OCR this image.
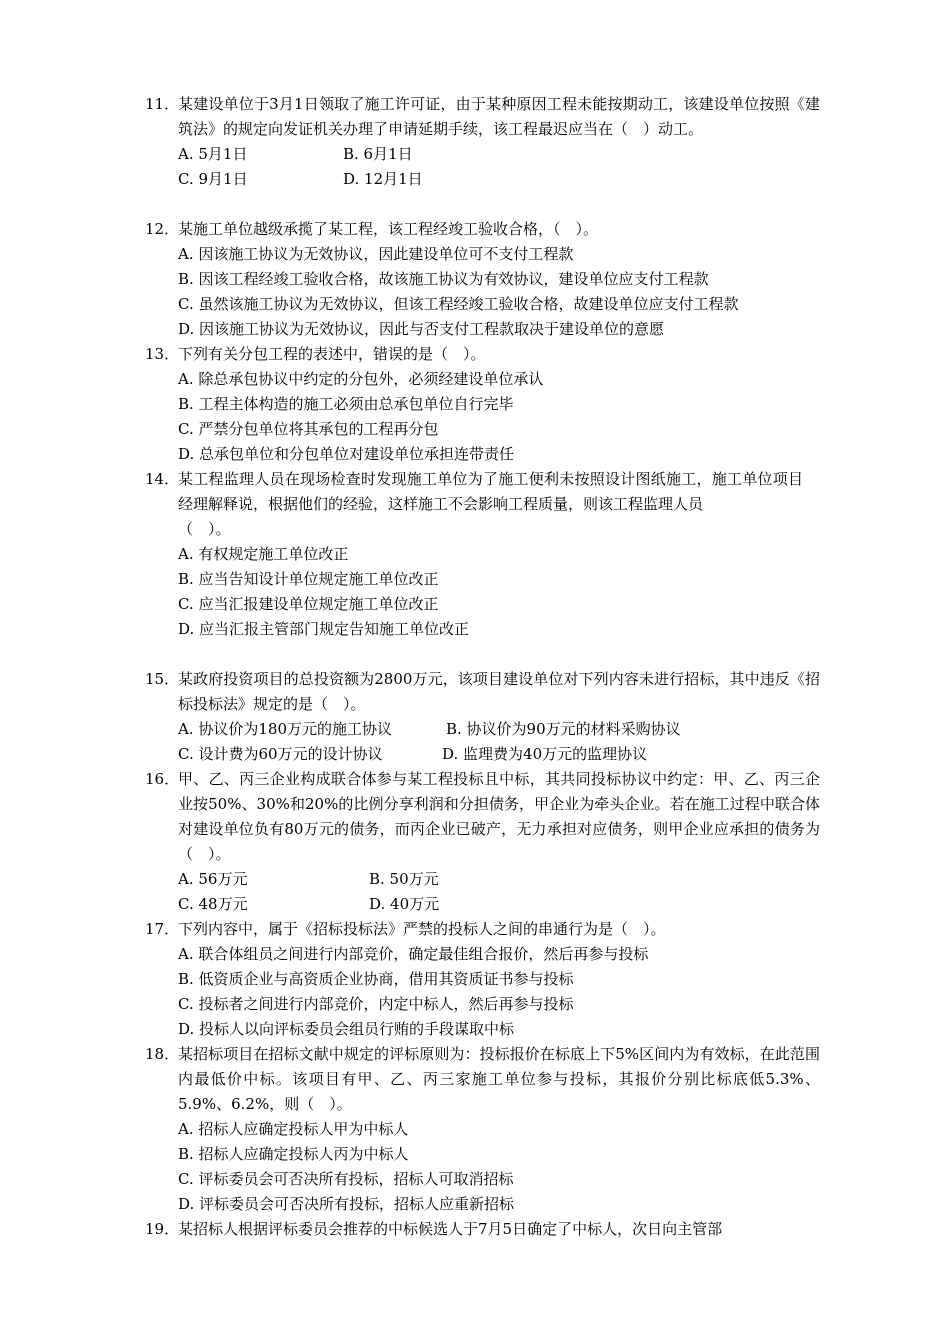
11．
某建设单位于3月1日领取了施工许可证，由于某种原因工程未能按期动工，该建设单位按照《建筑法》的规定向发证机关办理了申请延期手续，该工程最迟应当在（　）动工。
A. 5月1日	B. 6月1日
C. 9月1日	D. 12月1日
12．
某施工单位越级承揽了某工程，该工程经竣工验收合格，（　）。
A. 因该施工协议为无效协议，因此建设单位可不支付工程款
B. 因该工程经竣工验收合格，故该施工协议为有效协议，建设单位应支付工程款
C. 虽然该施工协议为无效协议，但该工程经竣工验收合格，故建设单位应支付工程款
D. 因该施工协议为无效协议，因此与否支付工程款取决于建设单位的意愿
13．
下列有关分包工程的表述中，错误的是（　）。
A. 除总承包协议中约定的分包外，必须经建设单位承认
B. 工程主体构造的施工必须由总承包单位自行完毕
C. 严禁分包单位将其承包的工程再分包
D. 总承包单位和分包单位对建设单位承担连带责任
14．
某工程监理人员在现场检查时发现施工单位为了施工便利未按照设计图纸施工，施工单位项目经理解释说，根据他们的经验，这样施工不会影响工程质量，则该工程监理人员
（　）。
A. 有权规定施工单位改正
B. 应当告知设计单位规定施工单位改正
C. 应当汇报建设单位规定施工单位改正
D. 应当汇报主管部门规定告知施工单位改正
15．
某政府投资项目的总投资额为2800万元，该项目建设单位对下列内容未进行招标，其中违反《招标投标法》规定的是（　）。
A. 协议价为180万元的施工协议	B. 协议价为90万元的材料采购协议
C. 设计费为60万元的设计协议	D. 监理费为40万元的监理协议
16．
甲、乙、丙三企业构成联合体参与某工程投标且中标，其共同投标协议中约定：甲、乙、丙三企业按50%、30%和20%的比例分享利润和分担债务，甲企业为牵头企业。若在施工过程中联合体对建设单位负有80万元的债务，而丙企业已破产，无力承担对应债务，则甲企业应承担的债务为（　）。
A. 56万元	B. 50万元
C. 48万元	D. 40万元
17．
下列内容中，属于《招标投标法》严禁的投标人之间的串通行为是（　）。
A. 联合体组员之间进行内部竞价，确定最佳组合报价，然后再参与投标
B. 低资质企业与高资质企业协商，借用其资质证书参与投标
C. 投标者之间进行内部竞价，内定中标人，然后再参与投标
D. 投标人以向评标委员会组员行贿的手段谋取中标
18．
某招标项目在招标文献中规定的评标原则为：投标报价在标底上下5%区间内为有效标，在此范围内最低价中标。该项目有甲、乙、丙三家施工单位参与投标，其报价分别比标底低5.3%、5.9%、6.2%，则（　）。
A. 招标人应确定投标人甲为中标人
B. 招标人应确定投标人丙为中标人
C. 评标委员会可否决所有投标，招标人可取消招标
D. 评标委员会可否决所有投标，招标人应重新招标
19．
某招标人根据评标委员会推荐的中标候选人于7月5日确定了中标人，次日向主管部
